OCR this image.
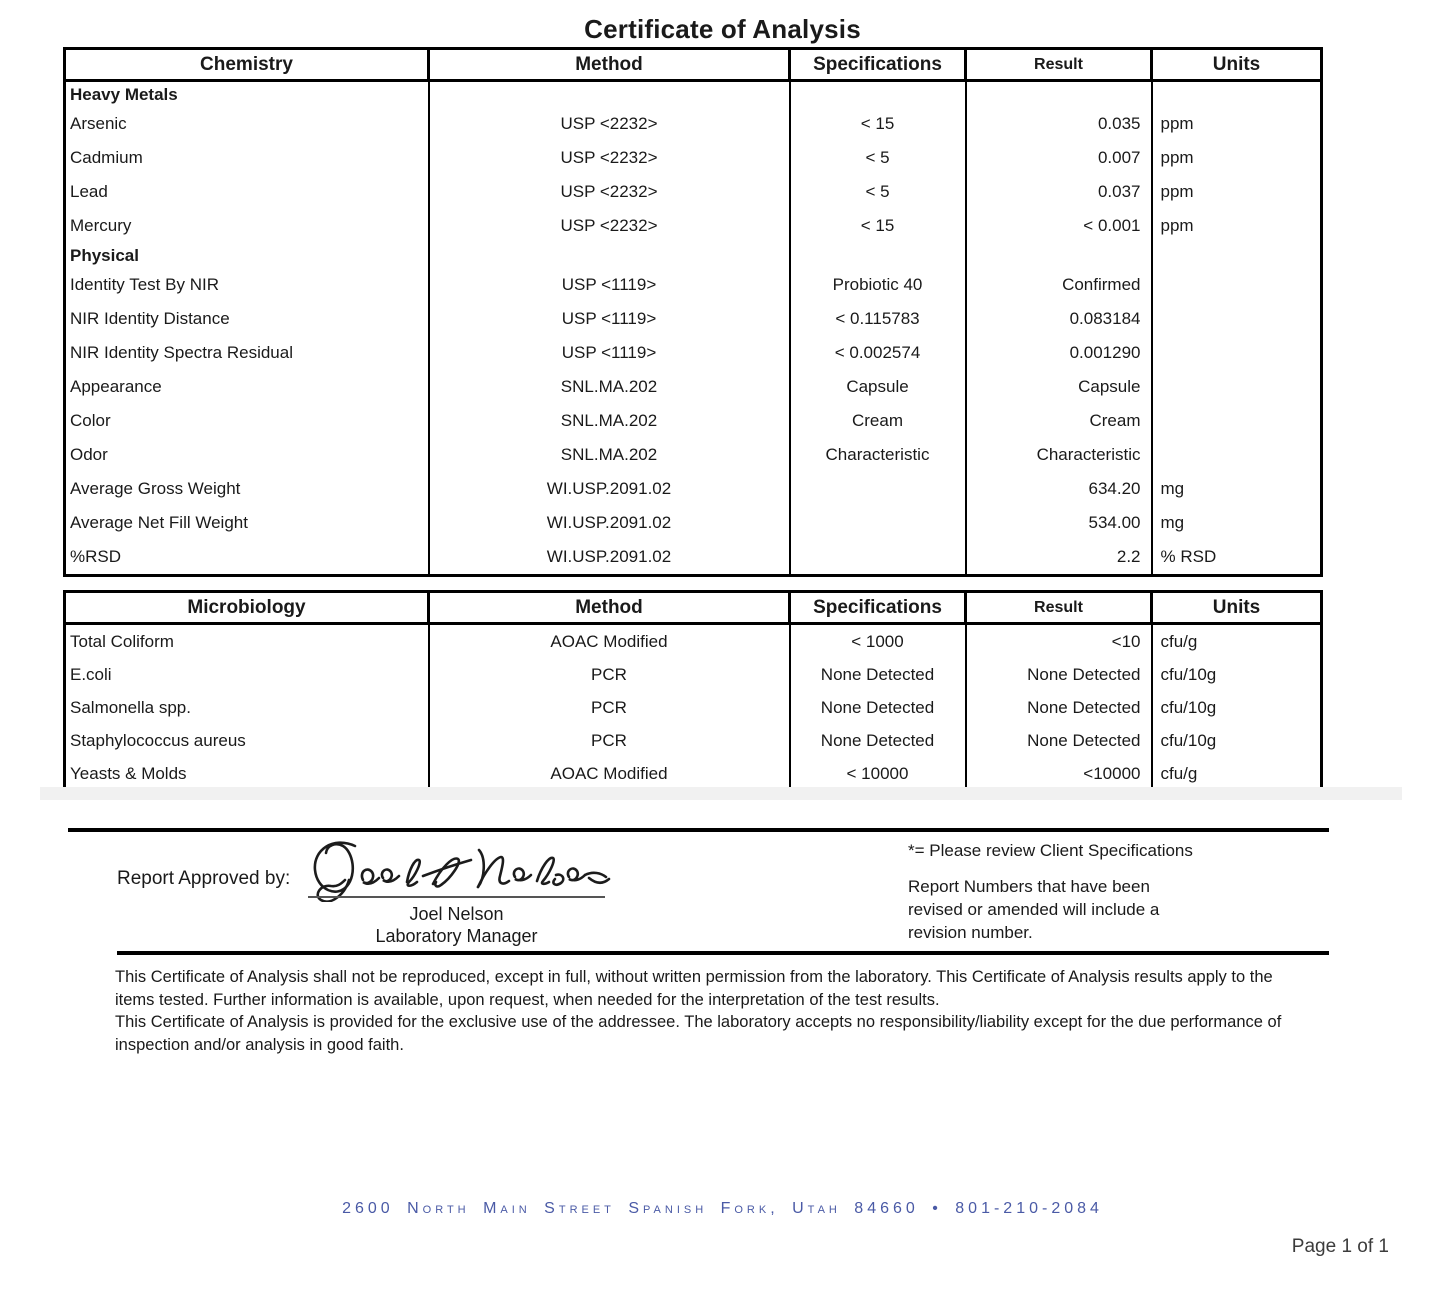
Certificate of Analysis
Chemistry	Method	Specifications	Result	Units
Heavy Metals				
Arsenic	USP <2232>	< 15	0.035	ppm
Cadmium	USP <2232>	< 5	0.007	ppm
Lead	USP <2232>	< 5	0.037	ppm
Mercury	USP <2232>	< 15	< 0.001	ppm
Physical				
Identity Test By NIR	USP <1119>	Probiotic 40	Confirmed	
NIR Identity Distance	USP <1119>	< 0.115783	0.083184	
NIR Identity Spectra Residual	USP <1119>	< 0.002574	0.001290	
Appearance	SNL.MA.202	Capsule	Capsule	
Color	SNL.MA.202	Cream	Cream	
Odor	SNL.MA.202	Characteristic	Characteristic	
Average Gross Weight	WI.USP.2091.02		634.20	mg
Average Net Fill Weight	WI.USP.2091.02		534.00	mg
%RSD	WI.USP.2091.02		2.2	% RSD
Microbiology	Method	Specifications	Result	Units
Total Coliform	AOAC Modified	< 1000	<10	cfu/g
E.coli	PCR	None Detected	None Detected	cfu/10g
Salmonella spp.	PCR	None Detected	None Detected	cfu/10g
Staphylococcus aureus	PCR	None Detected	None Detected	cfu/10g
Yeasts & Molds	AOAC Modified	< 10000	<10000	cfu/g
Report Approved by:
Joel Nelson
Laboratory Manager
*= Please review Client Specifications
Report Numbers that have been revised or amended will include a revision number.

This Certificate of Analysis shall not be reproduced, except in full, without written permission from the laboratory. This Certificate of Analysis results apply to the items tested. Further information is available, upon request, when needed for the interpretation of the test results.

This Certificate of Analysis is provided for the exclusive use of the addressee. The laboratory accepts no responsibility/liability except for the due performance of inspection and/or analysis in good faith.

2600 North Main Street Spanish Fork, Utah 84660 • 801-210-2084
Page 1 of 1
